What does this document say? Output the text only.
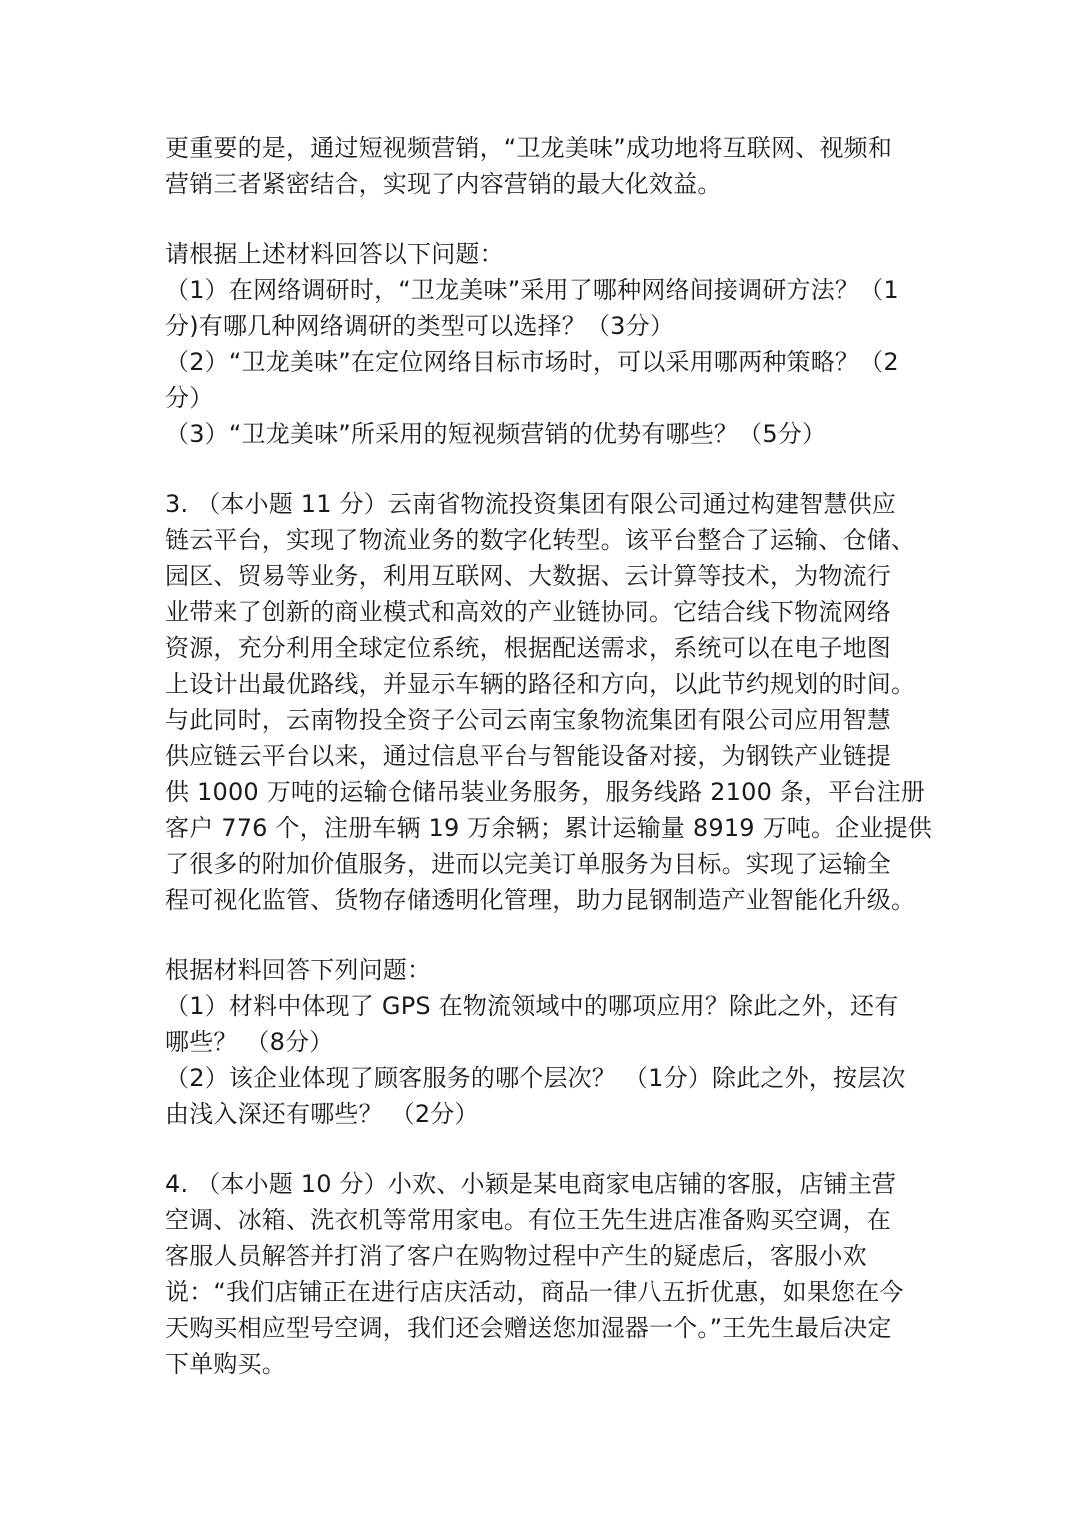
更重要的是，通过短视频营销，“卫龙美味”成功地将互联网、视频和
营销三者紧密结合，实现了内容营销的最大化效益。
请根据上述材料回答以下问题：
（1）在网络调研时，“卫龙美味”采用了哪种网络间接调研方法？（1
分)有哪几种网络调研的类型可以选择？（3分）
（2）“卫龙美味”在定位网络目标市场时，可以采用哪两种策略？（2
分）
（3）“卫龙美味”所采用的短视频营销的优势有哪些？（5分）
3. （本小题 11 分）云南省物流投资集团有限公司通过构建智慧供应
链云平台，实现了物流业务的数字化转型。该平台整合了运输、仓储、
园区、贸易等业务，利用互联网、大数据、云计算等技术，为物流行
业带来了创新的商业模式和高效的产业链协同。它结合线下物流网络
资源，充分利用全球定位系统，根据配送需求，系统可以在电子地图
上设计出最优路线，并显示车辆的路径和方向，以此节约规划的时间。
与此同时，云南物投全资子公司云南宝象物流集团有限公司应用智慧
供应链云平台以来，通过信息平台与智能设备对接，为钢铁产业链提
供 1000 万吨的运输仓储吊装业务服务，服务线路 2100 条，平台注册
客户 776 个，注册车辆 19 万余辆；累计运输量 8919 万吨。企业提供
了很多的附加价值服务，进而以完美订单服务为目标。实现了运输全
程可视化监管、货物存储透明化管理，助力昆钢制造产业智能化升级。
根据材料回答下列问题：
（1）材料中体现了 GPS 在物流领域中的哪项应用？除此之外，还有
哪些？ （8分）
（2）该企业体现了顾客服务的哪个层次？ （1分）除此之外，按层次
由浅入深还有哪些？ （2分）
4. （本小题 10 分）小欢、小颖是某电商家电店铺的客服，店铺主营
空调、冰箱、洗衣机等常用家电。有位王先生进店准备购买空调，在
客服人员解答并打消了客户在购物过程中产生的疑虑后，客服小欢
说：“我们店铺正在进行店庆活动，商品一律八五折优惠，如果您在今
天购买相应型号空调，我们还会赠送您加湿器一个。”王先生最后决定
下单购买。
